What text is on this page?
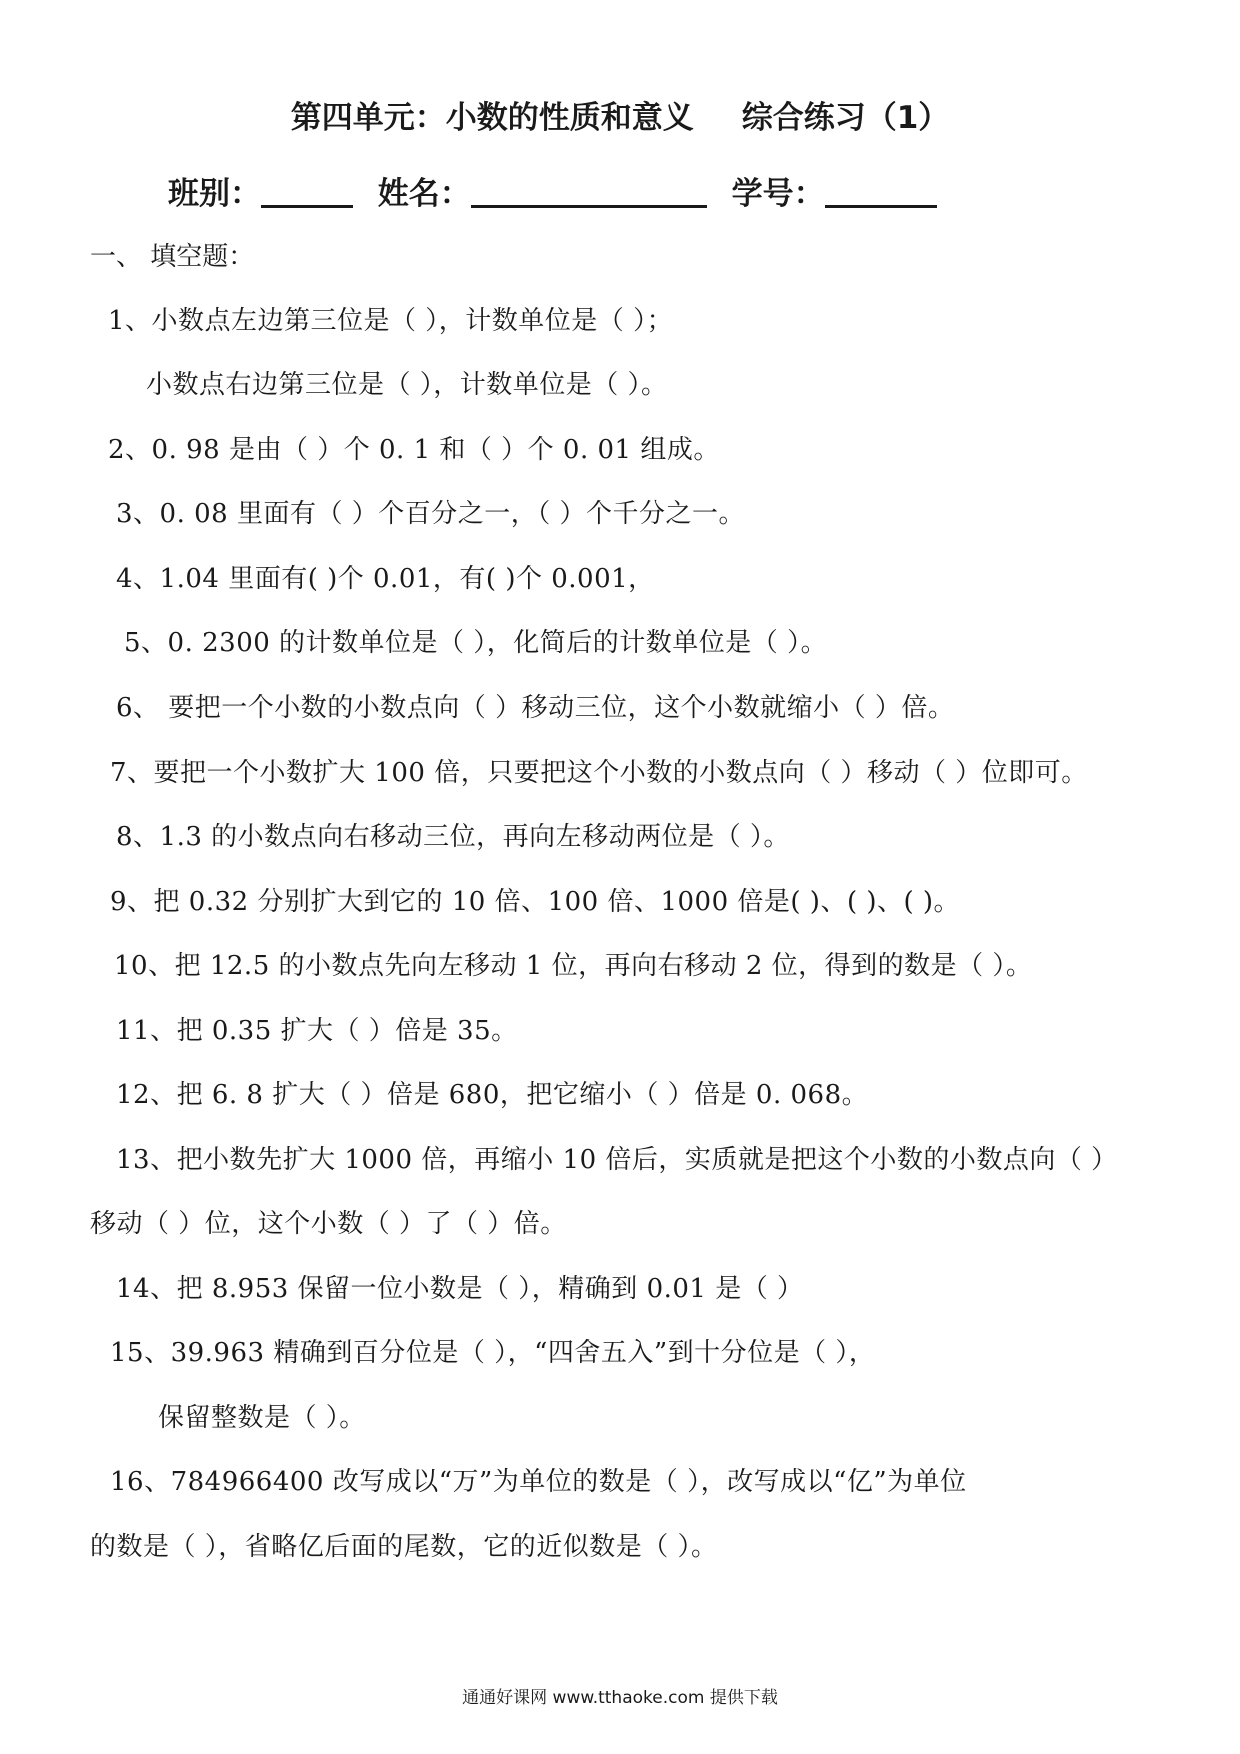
第四单元：小数的性质和意义 综合练习（1）
班别：	姓名：	学号：
一、 填空题：
1、小数点左边第三位是（ ），计数单位是（ ）；
小数点右边第三位是（ ），计数单位是（ ）。
2、0. 98 是由（ ）个 0. 1 和（ ）个 0. 01 组成。
3、0. 08 里面有（ ）个百分之一，（ ）个千分之一。
4、1.04 里面有( )个 0.01，有( )个 0.001，
5、0. 2300 的计数单位是（ ），化简后的计数单位是（ ）。
6、 要把一个小数的小数点向（ ）移动三位，这个小数就缩小（ ）倍。
7、要把一个小数扩大 100 倍，只要把这个小数的小数点向（ ）移动（ ）位即可。
8、1.3 的小数点向右移动三位，再向左移动两位是（ ）。
9、把 0.32 分别扩大到它的 10 倍、100 倍、1000 倍是( )、( )、( )。
10、把 12.5 的小数点先向左移动 1 位，再向右移动 2 位，得到的数是（ ）。
11、把 0.35 扩大（ ）倍是 35。
12、把 6. 8 扩大（ ）倍是 680，把它缩小（ ）倍是 0. 068。
13、把小数先扩大 1000 倍，再缩小 10 倍后，实质就是把这个小数的小数点向（ ）
移动（ ）位，这个小数（ ）了（ ）倍。
14、把 8.953 保留一位小数是（ ），精确到 0.01 是（ ）
15、39.963 精确到百分位是（ ），“四舍五入”到十分位是（ ），
保留整数是（ ）。
16、784966400 改写成以“万”为单位的数是（ ），改写成以“亿”为单位
的数是（ ），省略亿后面的尾数，它的近似数是（ ）。
通通好课网 www.tthaoke.com 提供下载
